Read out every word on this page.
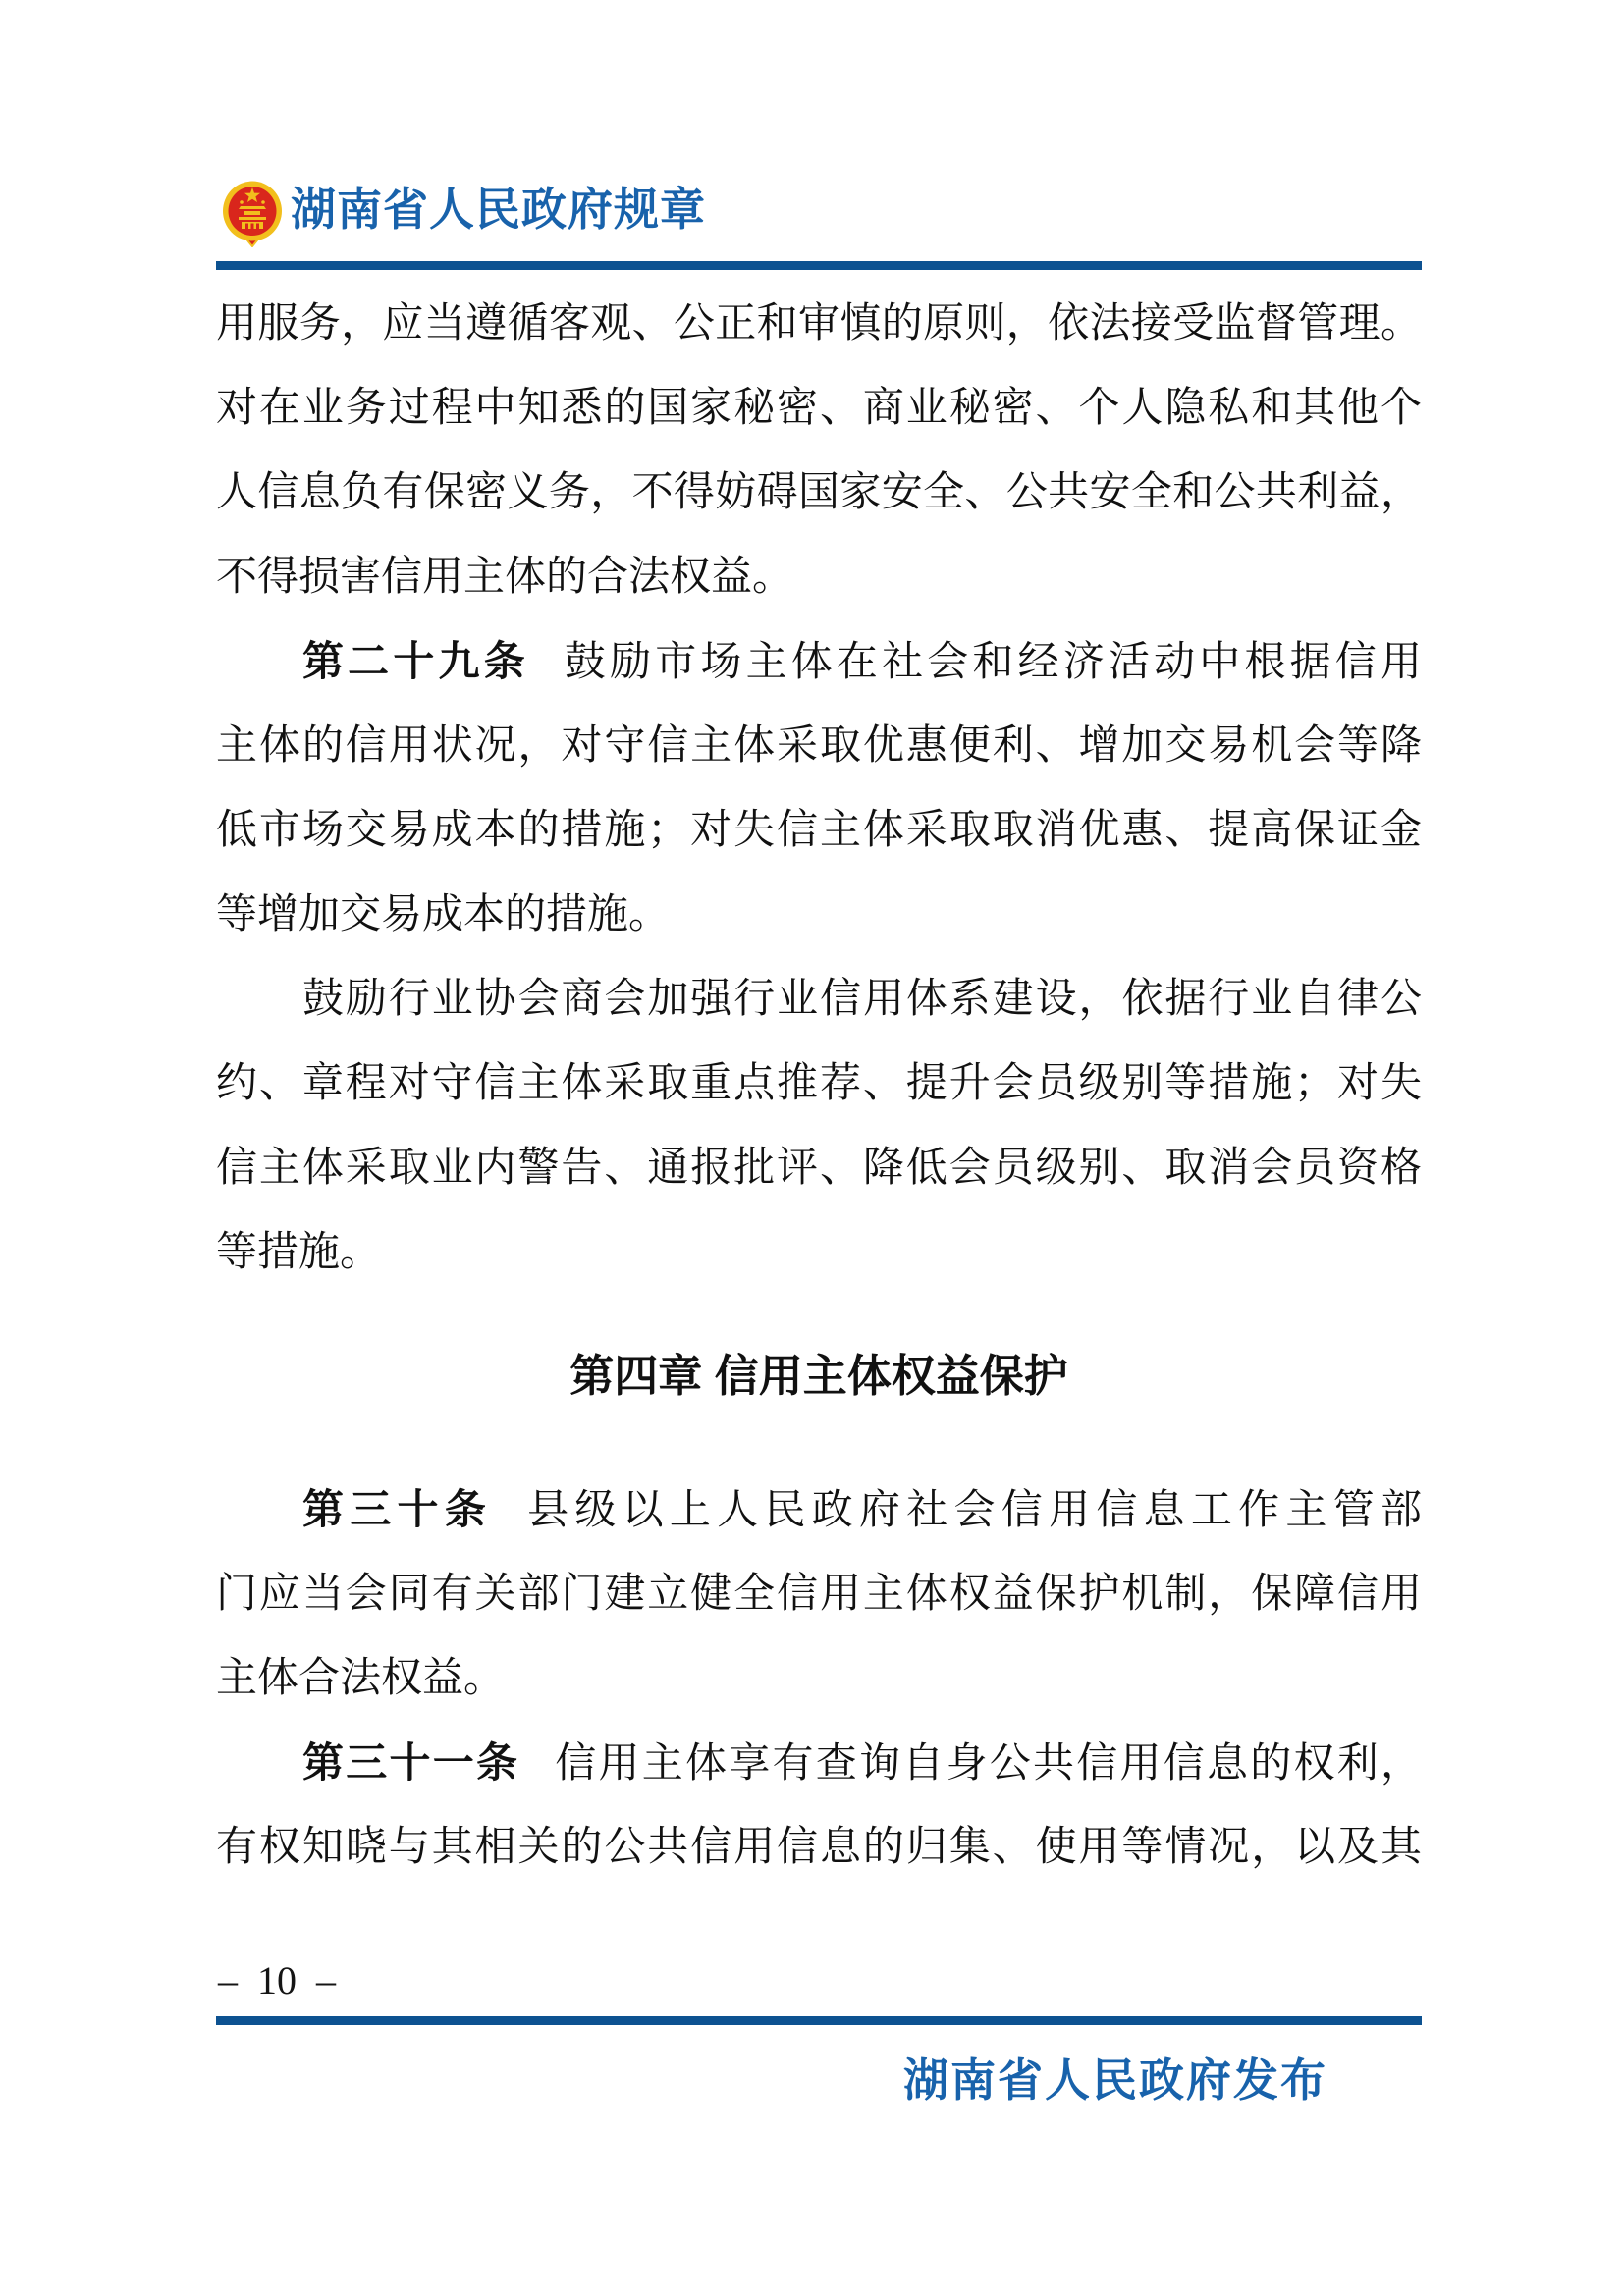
湖南省人民政府规章
用服务，应当遵循客观、公正和审慎的原则，依法接受监督管理。
对在业务过程中知悉的国家秘密、商业秘密、个人隐私和其他个
人信息负有保密义务，不得妨碍国家安全、公共安全和公共利益，
不得损害信用主体的合法权益。
第二十九条 鼓励市场主体在社会和经济活动中根据信用
主体的信用状况，对守信主体采取优惠便利、增加交易机会等降
低市场交易成本的措施；对失信主体采取取消优惠、提高保证金
等增加交易成本的措施。
鼓励行业协会商会加强行业信用体系建设，依据行业自律公
约、章程对守信主体采取重点推荐、提升会员级别等措施；对失
信主体采取业内警告、通报批评、降低会员级别、取消会员资格
等措施。
第四章 信用主体权益保护
第三十条 县级以上人民政府社会信用信息工作主管部
门应当会同有关部门建立健全信用主体权益保护机制，保障信用
主体合法权益。
第三十一条 信用主体享有查询自身公共信用信息的权利，
有权知晓与其相关的公共信用信息的归集、使用等情况，以及其
– 10 –
湖南省人民政府发布
